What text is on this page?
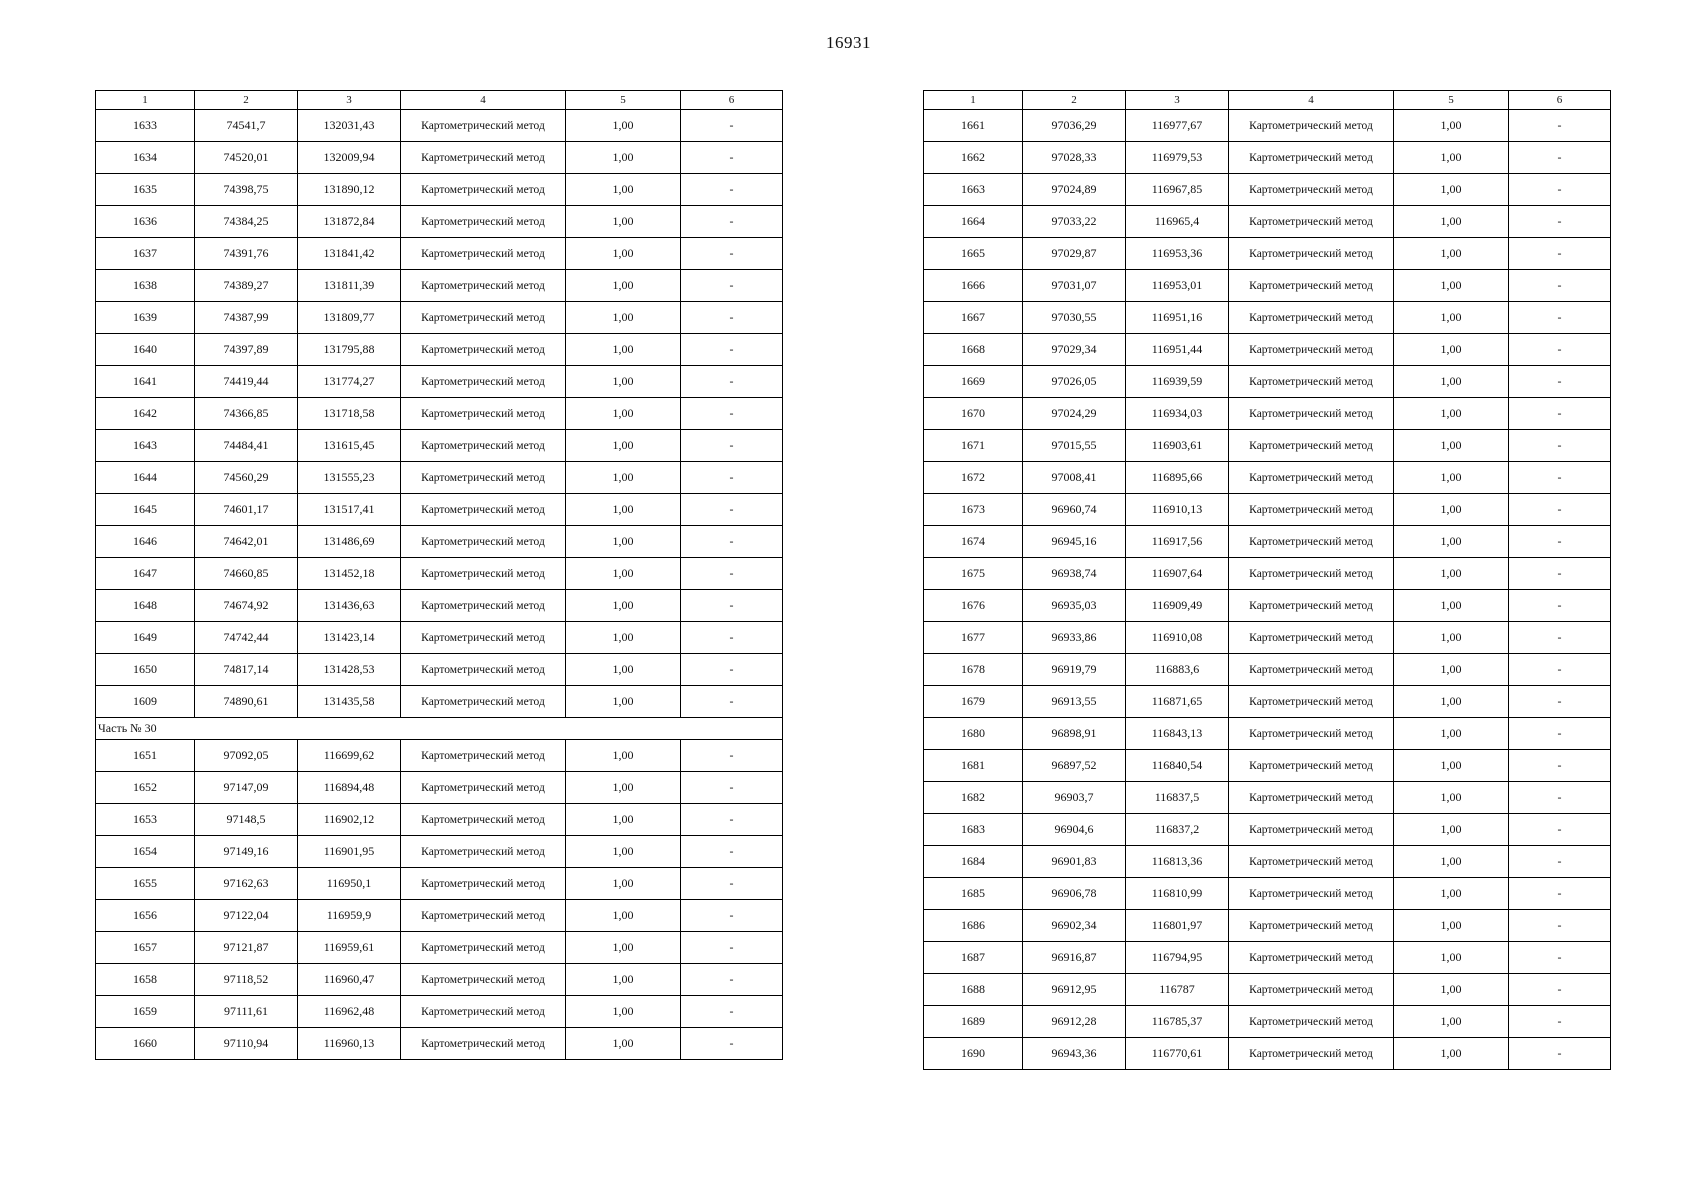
16931
1	2	3	4	5	6
1633	74541,7	132031,43	Картометрический метод	1,00	-
1634	74520,01	132009,94	Картометрический метод	1,00	-
1635	74398,75	131890,12	Картометрический метод	1,00	-
1636	74384,25	131872,84	Картометрический метод	1,00	-
1637	74391,76	131841,42	Картометрический метод	1,00	-
1638	74389,27	131811,39	Картометрический метод	1,00	-
1639	74387,99	131809,77	Картометрический метод	1,00	-
1640	74397,89	131795,88	Картометрический метод	1,00	-
1641	74419,44	131774,27	Картометрический метод	1,00	-
1642	74366,85	131718,58	Картометрический метод	1,00	-
1643	74484,41	131615,45	Картометрический метод	1,00	-
1644	74560,29	131555,23	Картометрический метод	1,00	-
1645	74601,17	131517,41	Картометрический метод	1,00	-
1646	74642,01	131486,69	Картометрический метод	1,00	-
1647	74660,85	131452,18	Картометрический метод	1,00	-
1648	74674,92	131436,63	Картометрический метод	1,00	-
1649	74742,44	131423,14	Картометрический метод	1,00	-
1650	74817,14	131428,53	Картометрический метод	1,00	-
1609	74890,61	131435,58	Картометрический метод	1,00	-
Часть № 30					
1651	97092,05	116699,62	Картометрический метод	1,00	-
1652	97147,09	116894,48	Картометрический метод	1,00	-
1653	97148,5	116902,12	Картометрический метод	1,00	-
1654	97149,16	116901,95	Картометрический метод	1,00	-
1655	97162,63	116950,1	Картометрический метод	1,00	-
1656	97122,04	116959,9	Картометрический метод	1,00	-
1657	97121,87	116959,61	Картометрический метод	1,00	-
1658	97118,52	116960,47	Картометрический метод	1,00	-
1659	97111,61	116962,48	Картометрический метод	1,00	-
1660	97110,94	116960,13	Картометрический метод	1,00	-
1	2	3	4	5	6
1661	97036,29	116977,67	Картометрический метод	1,00	-
1662	97028,33	116979,53	Картометрический метод	1,00	-
1663	97024,89	116967,85	Картометрический метод	1,00	-
1664	97033,22	116965,4	Картометрический метод	1,00	-
1665	97029,87	116953,36	Картометрический метод	1,00	-
1666	97031,07	116953,01	Картометрический метод	1,00	-
1667	97030,55	116951,16	Картометрический метод	1,00	-
1668	97029,34	116951,44	Картометрический метод	1,00	-
1669	97026,05	116939,59	Картометрический метод	1,00	-
1670	97024,29	116934,03	Картометрический метод	1,00	-
1671	97015,55	116903,61	Картометрический метод	1,00	-
1672	97008,41	116895,66	Картометрический метод	1,00	-
1673	96960,74	116910,13	Картометрический метод	1,00	-
1674	96945,16	116917,56	Картометрический метод	1,00	-
1675	96938,74	116907,64	Картометрический метод	1,00	-
1676	96935,03	116909,49	Картометрический метод	1,00	-
1677	96933,86	116910,08	Картометрический метод	1,00	-
1678	96919,79	116883,6	Картометрический метод	1,00	-
1679	96913,55	116871,65	Картометрический метод	1,00	-
1680	96898,91	116843,13	Картометрический метод	1,00	-
1681	96897,52	116840,54	Картометрический метод	1,00	-
1682	96903,7	116837,5	Картометрический метод	1,00	-
1683	96904,6	116837,2	Картометрический метод	1,00	-
1684	96901,83	116813,36	Картометрический метод	1,00	-
1685	96906,78	116810,99	Картометрический метод	1,00	-
1686	96902,34	116801,97	Картометрический метод	1,00	-
1687	96916,87	116794,95	Картометрический метод	1,00	-
1688	96912,95	116787	Картометрический метод	1,00	-
1689	96912,28	116785,37	Картометрический метод	1,00	-
1690	96943,36	116770,61	Картометрический метод	1,00	-
